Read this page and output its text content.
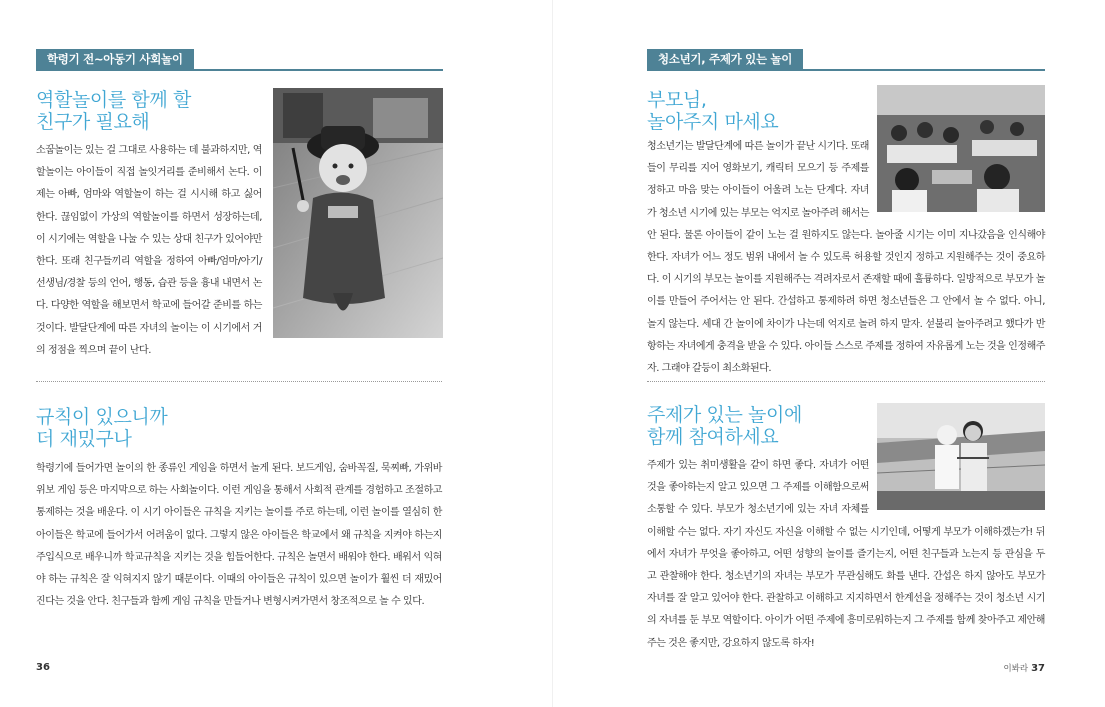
학령기 전~아동기 사회놀이
역할놀이를 함께 할
친구가 필요해

소꿉놀이는 있는 걸 그대로 사용하는 데 불과하지만, 역할놀이는 아이들이 직접 놀잇거리를 준비해서 논다. 이제는 아빠, 엄마와 역할놀이 하는 걸 시시해 하고 싫어한다. 끊임없이 가상의 역할놀이를 하면서 성장하는데, 이 시기에는 역할을 나눌 수 있는 상대 친구가 있어야만 한다. 또래 친구들끼리 역할을 정하여 아빠/엄마/아기/선생님/경찰 등의 언어, 행동, 습관 등을 흉내 내면서 논다. 다양한 역할을 해보면서 학교에 들어갈 준비를 하는 것이다. 발달단계에 따른 자녀의 놀이는 이 시기에서 거의 정점을 찍으며 끝이 난다.

규칙이 있으니까
더 재밌구나

학령기에 들어가면 놀이의 한 종류인 게임을 하면서 놀게 된다. 보드게임, 숨바꼭질, 묵찌빠, 가위바위보 게임 등은 마지막으로 하는 사회놀이다. 이런 게임을 통해서 사회적 관계를 경험하고 조절하고 통제하는 것을 배운다. 이 시기 아이들은 규칙을 지키는 놀이를 주로 하는데, 이런 놀이를 열심히 한 아이들은 학교에 들어가서 어려움이 없다. 그렇지 않은 아이들은 학교에서 왜 규칙을 지켜야 하는지 주입식으로 배우니까 학교규칙을 지키는 것을 힘들어한다. 규칙은 놀면서 배워야 한다. 배워서 익혀야 하는 규칙은 잘 익혀지지 않기 때문이다. 이때의 아이들은 규칙이 있으면 놀이가 훨씬 더 재밌어진다는 것을 안다. 친구들과 함께 게임 규칙을 만들거나 변형시켜가면서 창조적으로 놀 수 있다.

36
청소년기, 주제가 있는 놀이
부모님,
놀아주지 마세요

청소년기는 발달단계에 따른 놀이가 끝난 시기다. 또래들이 무리를 지어 영화보기, 캐릭터 모으기 등 주제를 정하고 마음 맞는 아이들이 어울려 노는 단계다. 자녀가 청소년 시기에 있는 부모는 억지로 놀아주려 해서는 안 된다. 물론 아이들이 같이 노는 걸 원하지도 않는다. 놀아줄 시기는 이미 지나갔음을 인식해야 한다. 자녀가 어느 정도 범위 내에서 놀 수 있도록 허용할 것인지 정하고 지원해주는 것이 중요하다. 이 시기의 부모는 놀이를 지원해주는 격려자로서 존재할 때에 훌륭하다. 일방적으로 부모가 놀이를 만들어 주어서는 안 된다. 간섭하고 통제하려 하면 청소년들은 그 안에서 놀 수 없다. 아니, 놀지 않는다. 세대 간 놀이에 차이가 나는데 억지로 놀려 하지 말자. 섣불리 놀아주려고 했다가 반항하는 자녀에게 충격을 받을 수 있다. 아이들 스스로 주제를 정하여 자유롭게 노는 것을 인정해주자. 그래야 갈등이 최소화된다.

주제가 있는 놀이에
함께 참여하세요

주제가 있는 취미생활을 같이 하면 좋다. 자녀가 어떤 것을 좋아하는지 알고 있으면 그 주제를 이해함으로써 소통할 수 있다. 부모가 청소년기에 있는 자녀 자체를 이해할 수는 없다. 자기 자신도 자신을 이해할 수 없는 시기인데, 어떻게 부모가 이해하겠는가! 뒤에서 자녀가 무엇을 좋아하고, 어떤 성향의 놀이를 즐기는지, 어떤 친구들과 노는지 등 관심을 두고 관찰해야 한다. 청소년기의 자녀는 부모가 무관심해도 화를 낸다. 간섭은 하지 않아도 부모가 자녀를 잘 알고 있어야 한다. 관찰하고 이해하고 지지하면서 한계선을 정해주는 것이 청소년 시기의 자녀를 둔 부모 역할이다. 아이가 어떤 주제에 흥미로워하는지 그 주제를 함께 찾아주고 제안해주는 것은 좋지만, 강요하지 않도록 하자!

이봐라 37
